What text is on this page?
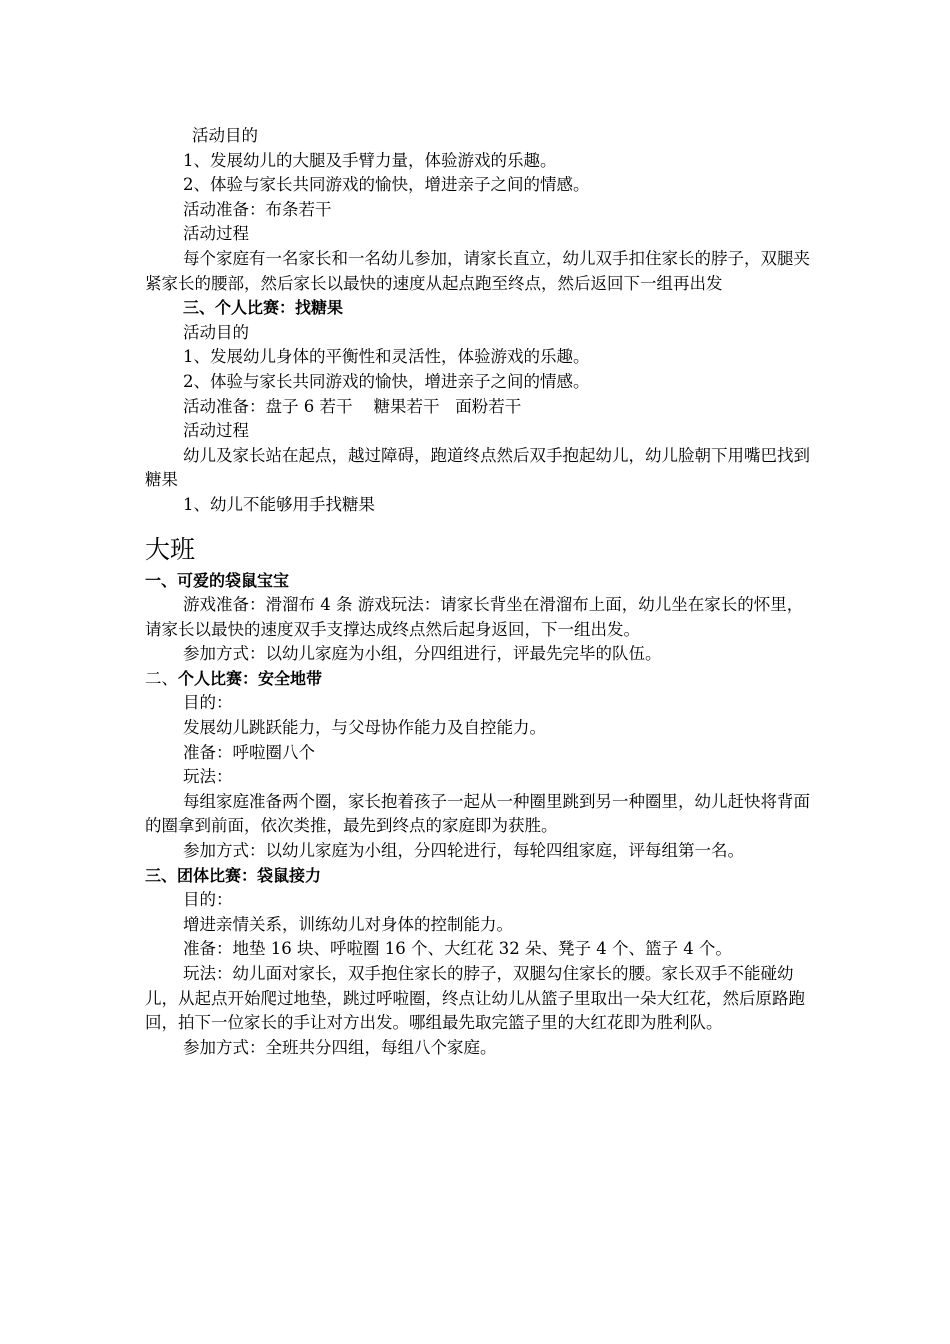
活动目的

1、发展幼儿的大腿及手臂力量，体验游戏的乐趣。

2、体验与家长共同游戏的愉快，增进亲子之间的情感。

活动准备：布条若干

活动过程

每个家庭有一名家长和一名幼儿参加，请家长直立，幼儿双手扣住家长的脖子，双腿夹紧家长的腰部，然后家长以最快的速度从起点跑至终点，然后返回下一组再出发

三、个人比赛：找糖果

活动目的

1、发展幼儿身体的平衡性和灵活性，体验游戏的乐趣。

2、体验与家长共同游戏的愉快，增进亲子之间的情感。

活动准备：盘子 6 若干    糖果若干   面粉若干

活动过程

幼儿及家长站在起点，越过障碍，跑道终点然后双手抱起幼儿，幼儿脸朝下用嘴巴找到糖果

1、幼儿不能够用手找糖果

大班

一、可爱的袋鼠宝宝

游戏准备：滑溜布 4 条 游戏玩法：请家长背坐在滑溜布上面，幼儿坐在家长的怀里，请家长以最快的速度双手支撑达成终点然后起身返回，下一组出发。

参加方式：以幼儿家庭为小组，分四组进行，评最先完毕的队伍。

二、个人比赛：安全地带

目的：

发展幼儿跳跃能力，与父母协作能力及自控能力。

准备：呼啦圈八个

玩法：

每组家庭准备两个圈，家长抱着孩子一起从一种圈里跳到另一种圈里，幼儿赶快将背面的圈拿到前面，依次类推，最先到终点的家庭即为获胜。

参加方式：以幼儿家庭为小组，分四轮进行，每轮四组家庭，评每组第一名。

三、团体比赛：袋鼠接力

目的：

增进亲情关系，训练幼儿对身体的控制能力。

准备：地垫 16 块、呼啦圈 16 个、大红花 32 朵、凳子 4 个、篮子 4 个。

玩法：幼儿面对家长，双手抱住家长的脖子，双腿勾住家长的腰。家长双手不能碰幼儿，从起点开始爬过地垫，跳过呼啦圈，终点让幼儿从篮子里取出一朵大红花，然后原路跑回，拍下一位家长的手让对方出发。哪组最先取完篮子里的大红花即为胜利队。

参加方式：全班共分四组，每组八个家庭。
